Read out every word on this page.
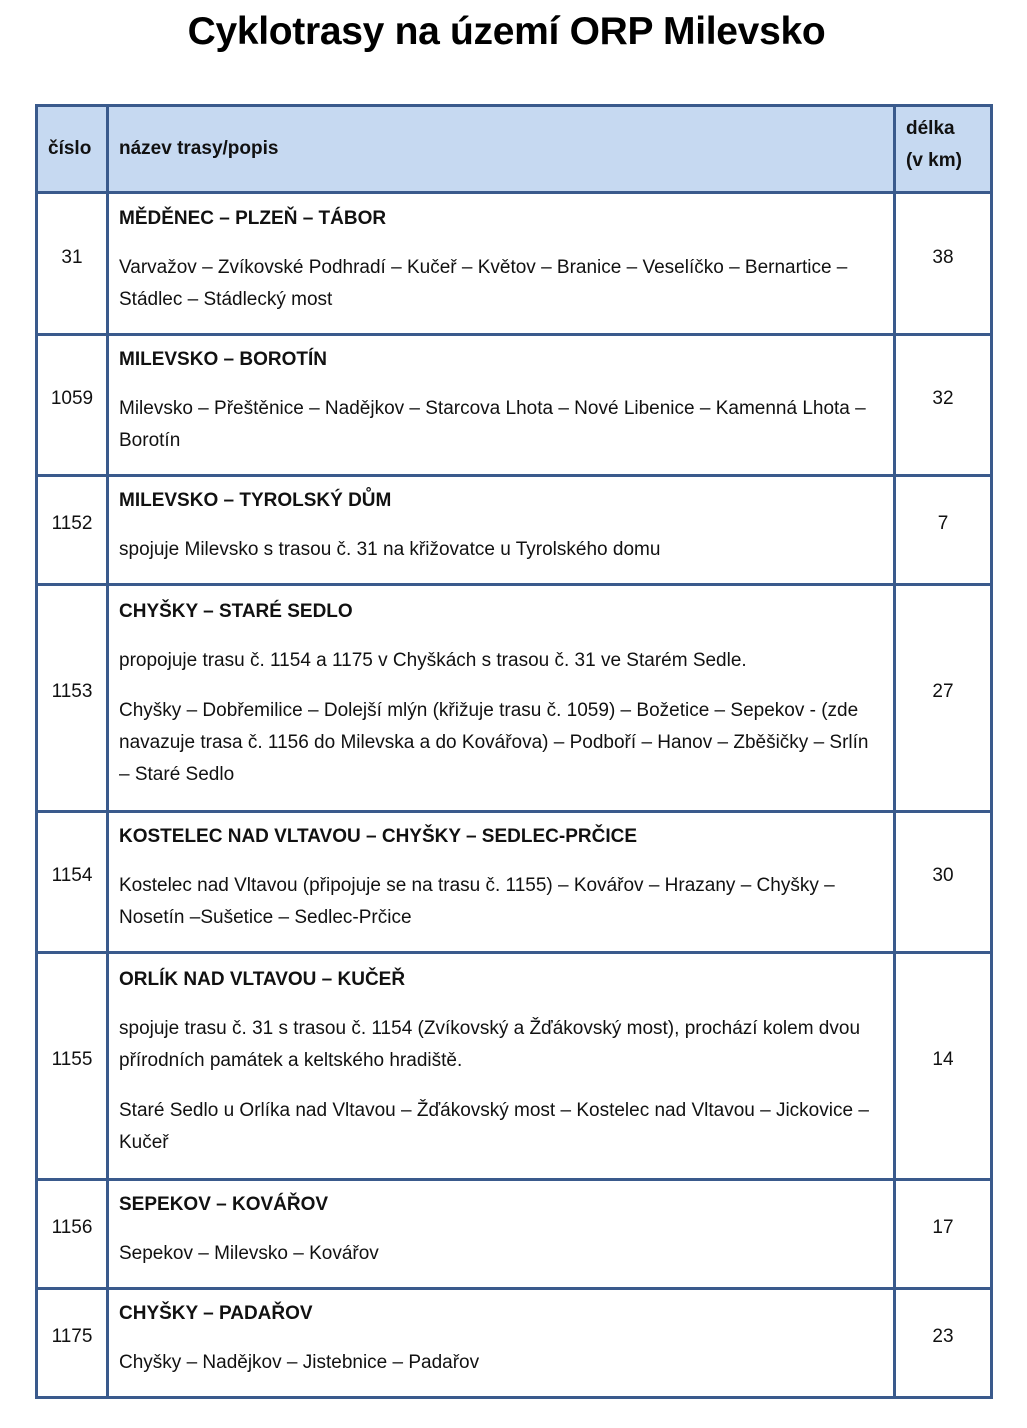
Cyklotrasy na území ORP Milevsko
číslo	název trasy/popis	délka
(v km)

31	MĚDĚNEC – PLZEŇ – TÁBOR
Varvažov – Zvíkovské Podhradí – Kučeř – Květov – Branice – Veselíčko – Bernartice – Stádlec – Stádlecký most	38

1059	MILEVSKO – BOROTÍN
Milevsko – Přeštěnice – Nadějkov – Starcova Lhota – Nové Libenice – Kamenná Lhota – Borotín	32

1152	MILEVSKO – TYROLSKÝ DŮM
spojuje Milevsko s trasou č. 31 na křižovatce u Tyrolského domu	7

1153	CHYŠKY – STARÉ SEDLO
propojuje trasu č. 1154 a 1175 v Chyškách s trasou č. 31 ve Starém Sedle.
Chyšky – Dobřemilice – Dolejší mlýn (křižuje trasu č. 1059) – Božetice – Sepekov - (zde navazuje trasa č. 1156 do Milevska a do Kovářova) – Podboří – Hanov – Zběšičky – Srlín – Staré Sedlo	27

1154	KOSTELEC NAD VLTAVOU – CHYŠKY – SEDLEC-PRČICE
Kostelec nad Vltavou (připojuje se na trasu č. 1155) – Kovářov – Hrazany – Chyšky – Nosetín –Sušetice – Sedlec-Prčice	30

1155	ORLÍK NAD VLTAVOU – KUČEŘ
spojuje trasu č. 31 s trasou č. 1154 (Zvíkovský a Žďákovský most), prochází kolem dvou přírodních památek a keltského hradiště.
Staré Sedlo u Orlíka nad Vltavou – Žďákovský most – Kostelec nad Vltavou – Jickovice – Kučeř	14

1156	SEPEKOV – KOVÁŘOV
Sepekov – Milevsko – Kovářov	17

1175	CHYŠKY – PADAŘOV
Chyšky – Nadějkov – Jistebnice – Padařov	23
